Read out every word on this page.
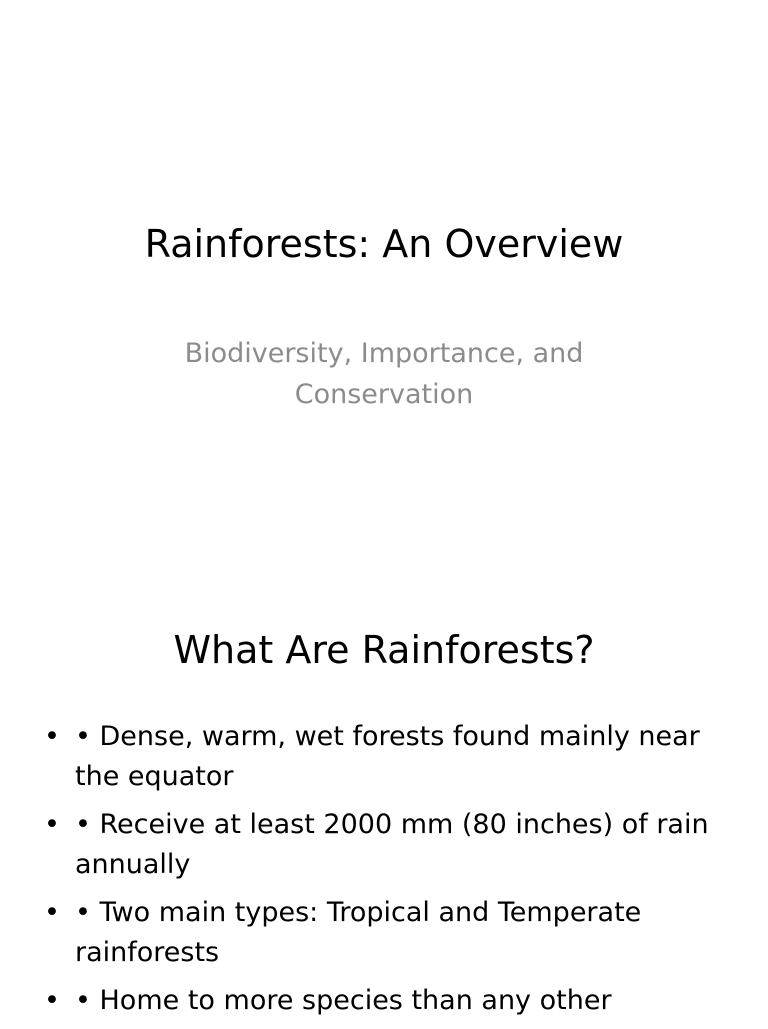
Rainforests: An Overview
Biodiversity, Importance, and Conservation
What Are Rainforests?
• • Dense, warm, wet forests found mainly near the equator
• • Receive at least 2000 mm (80 inches) of rain annually
• • Two main types: Tropical and Temperate rainforests
• • Home to more species than any other
